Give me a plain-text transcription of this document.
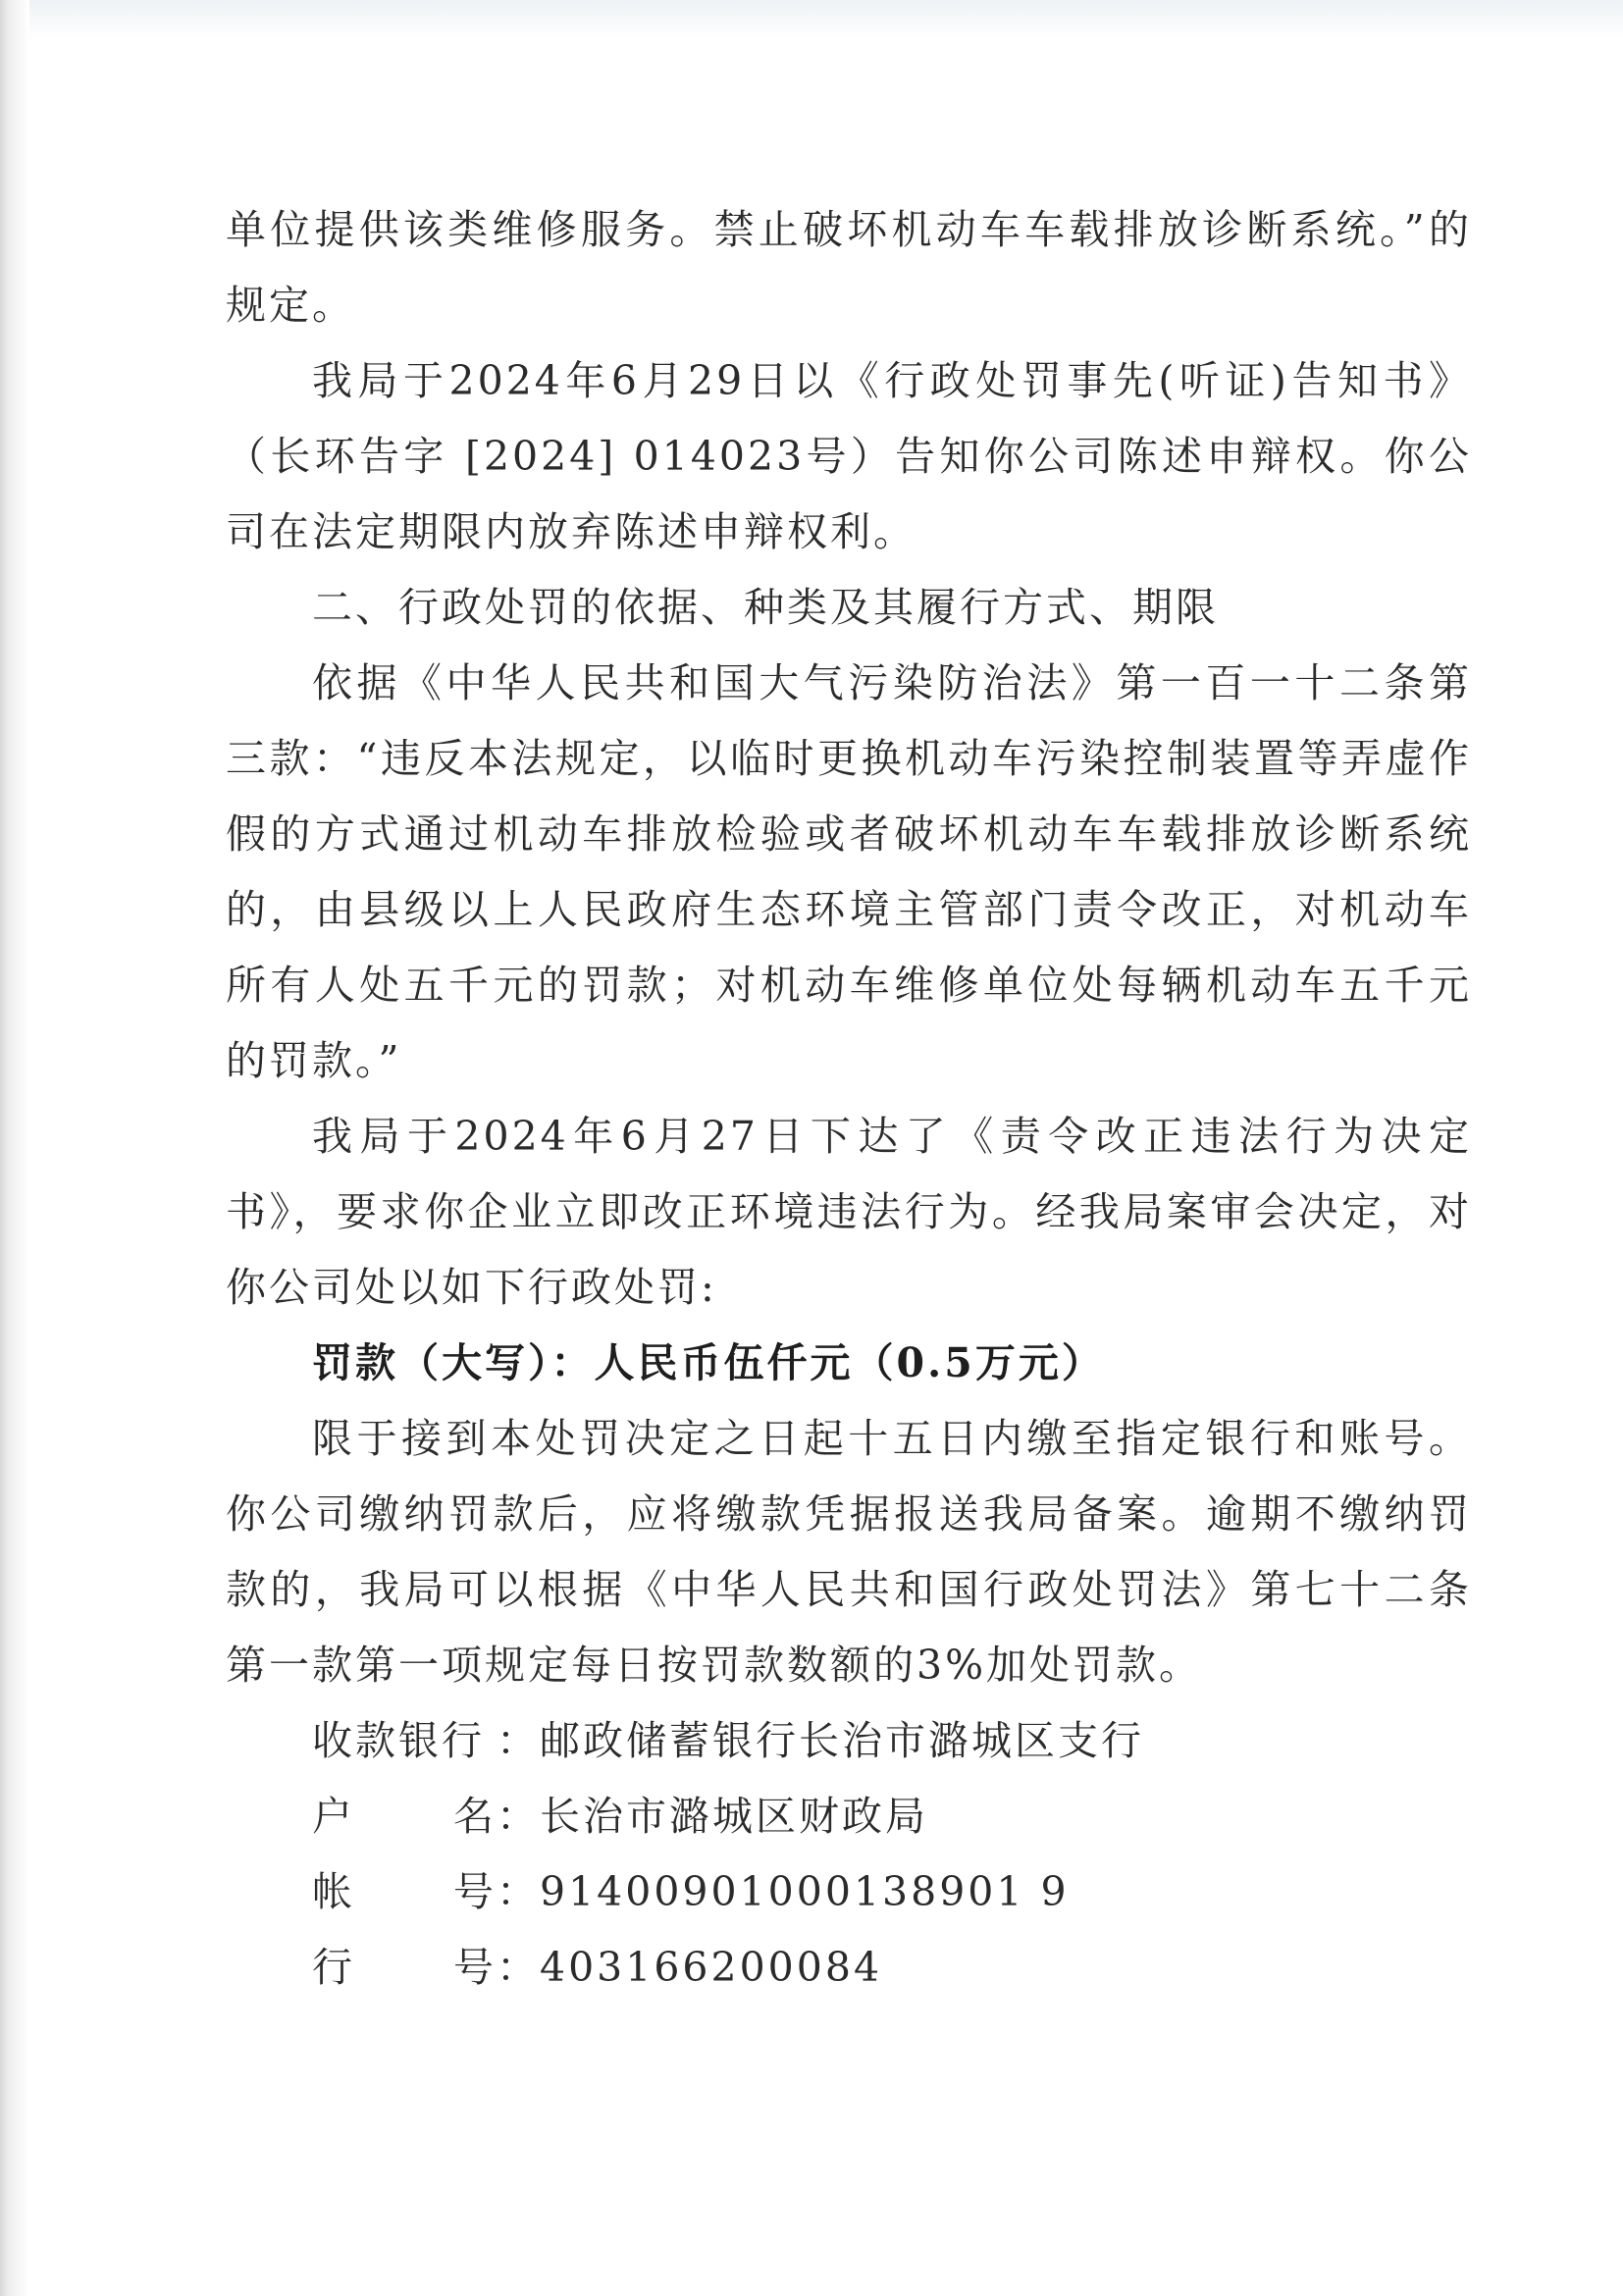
单位提供该类维修服务。禁止破坏机动车车载排放诊断系统。”的规定。

我局于2024年6月29日以《行政处罚事先(听证)告知书》（长环告字 [2024] 014023号）告知你公司陈述申辩权。你公司在法定期限内放弃陈述申辩权利。

二、行政处罚的依据、种类及其履行方式、期限

依据《中华人民共和国大气污染防治法》第一百一十二条第三款：“违反本法规定，以临时更换机动车污染控制装置等弄虚作假的方式通过机动车排放检验或者破坏机动车车载排放诊断系统的，由县级以上人民政府生态环境主管部门责令改正，对机动车所有人处五千元的罚款；对机动车维修单位处每辆机动车五千元的罚款。”

我局于2024年6月27日下达了《责令改正违法行为决定书》，要求你企业立即改正环境违法行为。经我局案审会决定，对你公司处以如下行政处罚:

罚款（大写）：人民币伍仟元（0.5万元）

限于接到本处罚决定之日起十五日内缴至指定银行和账号。你公司缴纳罚款后，应将缴款凭据报送我局备案。逾期不缴纳罚款的，我局可以根据《中华人民共和国行政处罚法》第七十二条第一款第一项规定每日按罚款数额的3%加处罚款。

收款银行 ： 邮政储蓄银行长治市潞城区支行
户 名 ： 长治市潞城区财政局
帐 号 ： 91400901000138901 9
行 号 ： 403166200084
